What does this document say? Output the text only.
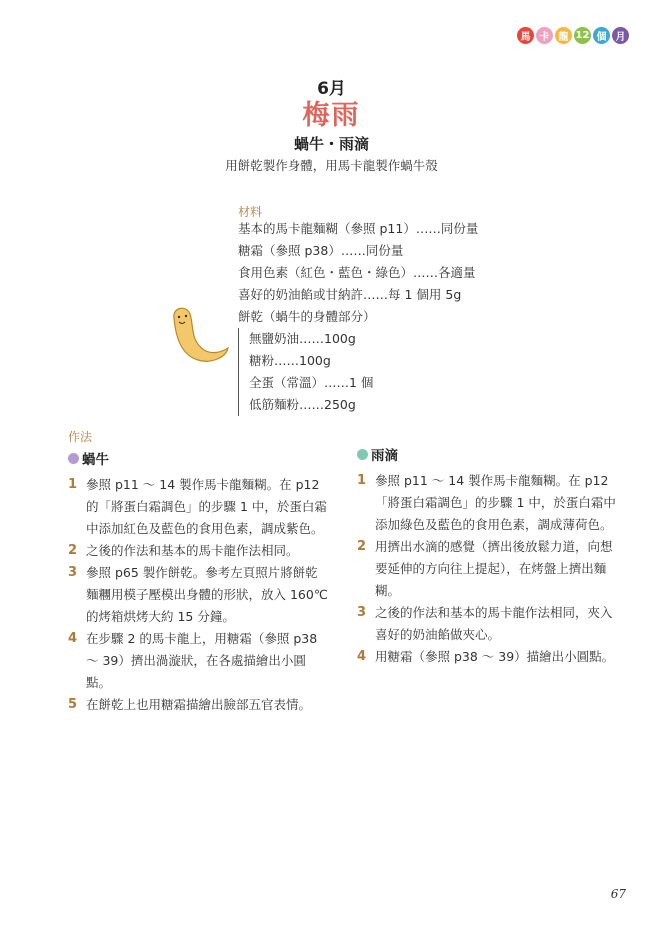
馬 卡 龍 12 個 月
6月
梅雨
蝸牛・雨滴
用餅乾製作身體，用馬卡龍製作蝸牛殼
材料
基本的馬卡龍麵糊（參照 p11）……同份量
糖霜（參照 p38）……同份量
食用色素（紅色・藍色・綠色）……各適量
喜好的奶油餡或甘納許……每 1 個用 5g
餅乾（蝸牛的身體部分）
無鹽奶油……100g
糖粉……100g
全蛋（常溫）……1 個
低筋麵粉……250g
作法
蝸牛
1 參照 p11 ～ 14 製作馬卡龍麵糊。在 p12 的「將蛋白霜調色」的步驟 1 中，於蛋白霜中添加紅色及藍色的食用色素，調成紫色。
2 之後的作法和基本的馬卡龍作法相同。
3 參照 p65 製作餅乾。參考左頁照片將餅乾麵糰用模子壓模出身體的形狀，放入 160℃ 的烤箱烘烤大約 15 分鐘。
4 在步驟 2 的馬卡龍上，用糖霜（參照 p38 ～ 39）擠出渦漩狀，在各處描繪出小圓點。
5 在餅乾上也用糖霜描繪出臉部五官表情。
雨滴
1 參照 p11 ～ 14 製作馬卡龍麵糊。在 p12 「將蛋白霜調色」的步驟 1 中，於蛋白霜中添加綠色及藍色的食用色素，調成薄荷色。
2 用擠出水滴的感覺（擠出後放鬆力道，向想要延伸的方向往上提起），在烤盤上擠出麵糊。
3 之後的作法和基本的馬卡龍作法相同，夾入喜好的奶油餡做夾心。
4 用糖霜（參照 p38 ～ 39）描繪出小圓點。
67
